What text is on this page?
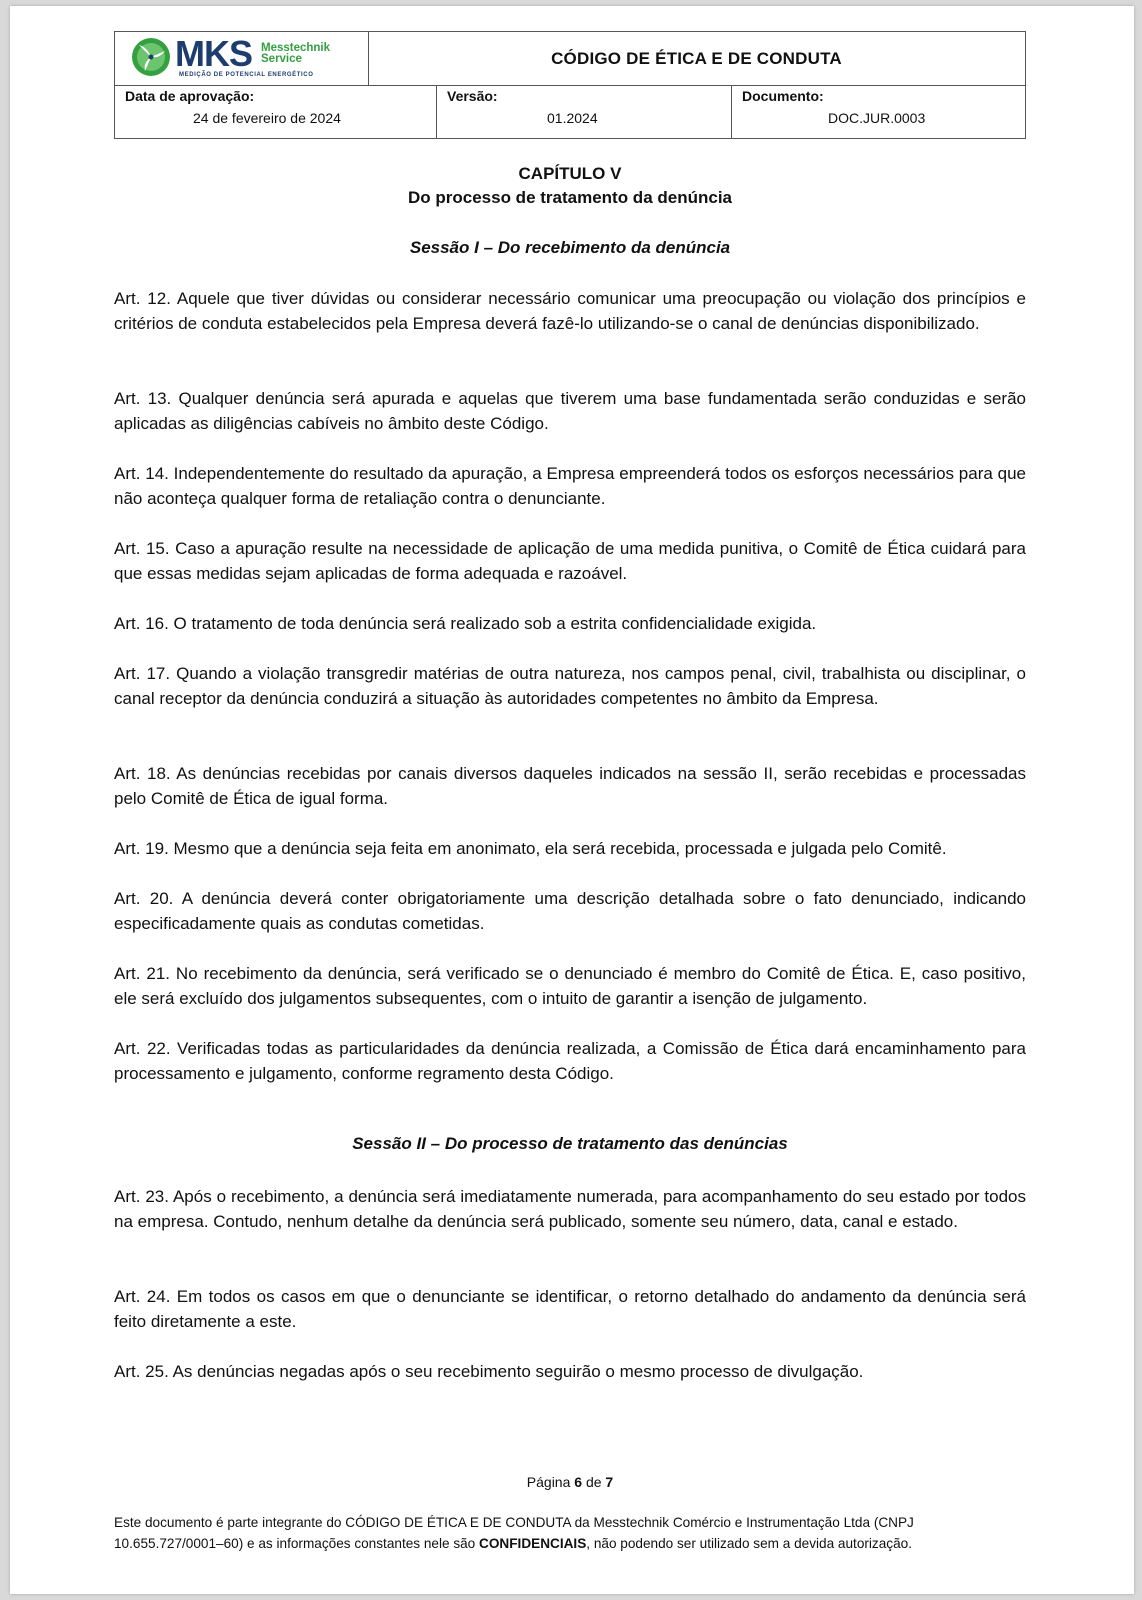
MKS Messtechnik
Service
MEDIÇÃO DE POTENCIAL ENERGÉTICO
CÓDIGO DE ÉTICA E DE CONDUTA
Data de aprovação:
24 de fevereiro de 2024
Versão:
01.2024
Documento:
DOC.JUR.0003
CAPÍTULO V
Do processo de tratamento da denúncia
Sessão I – Do recebimento da denúncia

Art. 12. Aquele que tiver dúvidas ou considerar necessário comunicar uma preocupação ou violação dos princípios e critérios de conduta estabelecidos pela Empresa deverá fazê-lo utilizando-se o canal de denúncias disponibilizado.

Art. 13. Qualquer denúncia será apurada e aquelas que tiverem uma base fundamentada serão conduzidas e serão aplicadas as diligências cabíveis no âmbito deste Código.

Art. 14. Independentemente do resultado da apuração, a Empresa empreenderá todos os esforços necessários para que não aconteça qualquer forma de retaliação contra o denunciante.

Art. 15. Caso a apuração resulte na necessidade de aplicação de uma medida punitiva, o Comitê de Ética cuidará para que essas medidas sejam aplicadas de forma adequada e razoável.

Art. 16. O tratamento de toda denúncia será realizado sob a estrita confidencialidade exigida.

Art. 17. Quando a violação transgredir matérias de outra natureza, nos campos penal, civil, trabalhista ou disciplinar, o canal receptor da denúncia conduzirá a situação às autoridades competentes no âmbito da Empresa.

Art. 18. As denúncias recebidas por canais diversos daqueles indicados na sessão II, serão recebidas e processadas pelo Comitê de Ética de igual forma.

Art. 19. Mesmo que a denúncia seja feita em anonimato, ela será recebida, processada e julgada pelo Comitê.

Art. 20. A denúncia deverá conter obrigatoriamente uma descrição detalhada sobre o fato denunciado, indicando especificadamente quais as condutas cometidas.

Art. 21. No recebimento da denúncia, será verificado se o denunciado é membro do Comitê de Ética. E, caso positivo, ele será excluído dos julgamentos subsequentes, com o intuito de garantir a isenção de julgamento.

Art. 22. Verificadas todas as particularidades da denúncia realizada, a Comissão de Ética dará encaminhamento para processamento e julgamento, conforme regramento desta Código.

Sessão II – Do processo de tratamento das denúncias

Art. 23. Após o recebimento, a denúncia será imediatamente numerada, para acompanhamento do seu estado por todos na empresa. Contudo, nenhum detalhe da denúncia será publicado, somente seu número, data, canal e estado.

Art. 24. Em todos os casos em que o denunciante se identificar, o retorno detalhado do andamento da denúncia será feito diretamente a este.

Art. 25. As denúncias negadas após o seu recebimento seguirão o mesmo processo de divulgação.

Página 6 de 7
Este documento é parte integrante do CÓDIGO DE ÉTICA E DE CONDUTA da Messtechnik Comércio e Instrumentação Ltda (CNPJ 10.655.727/0001–60) e as informações constantes nele são CONFIDENCIAIS, não podendo ser utilizado sem a devida autorização.
